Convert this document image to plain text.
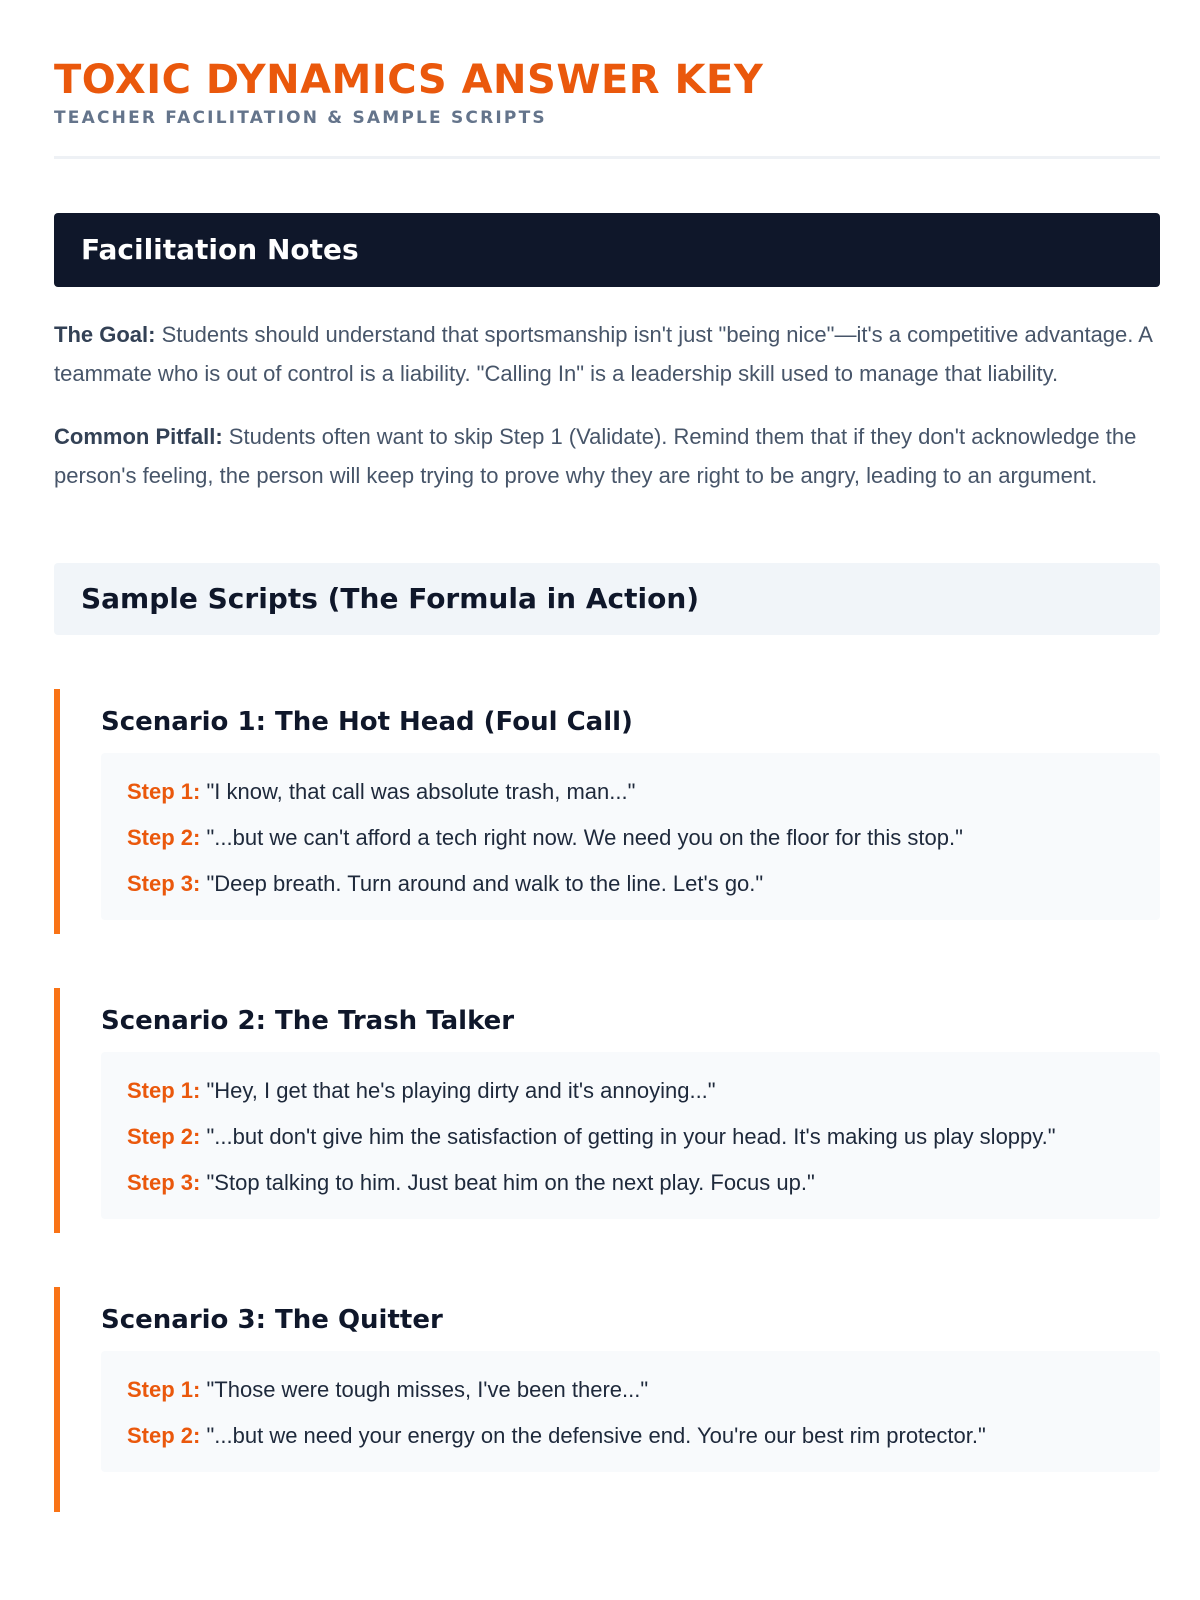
TOXIC DYNAMICS ANSWER KEY
TEACHER FACILITATION & SAMPLE SCRIPTS
Facilitation Notes

The Goal: Students should understand that sportsmanship isn't just "being nice"—it's a competitive advantage. A teammate who is out of control is a liability. "Calling In" is a leadership skill used to manage that liability.

Common Pitfall: Students often want to skip Step 1 (Validate). Remind them that if they don't acknowledge the person's feeling, the person will keep trying to prove why they are right to be angry, leading to an argument.

Sample Scripts (The Formula in Action)
Scenario 1: The Hot Head (Foul Call)

Step 1: "I know, that call was absolute trash, man..."

Step 2: "...but we can't afford a tech right now. We need you on the floor for this stop."

Step 3: "Deep breath. Turn around and walk to the line. Let's go."

Scenario 2: The Trash Talker

Step 1: "Hey, I get that he's playing dirty and it's annoying..."

Step 2: "...but don't give him the satisfaction of getting in your head. It's making us play sloppy."

Step 3: "Stop talking to him. Just beat him on the next play. Focus up."

Scenario 3: The Quitter

Step 1: "Those were tough misses, I've been there..."

Step 2: "...but we need your energy on the defensive end. You're our best rim protector."
